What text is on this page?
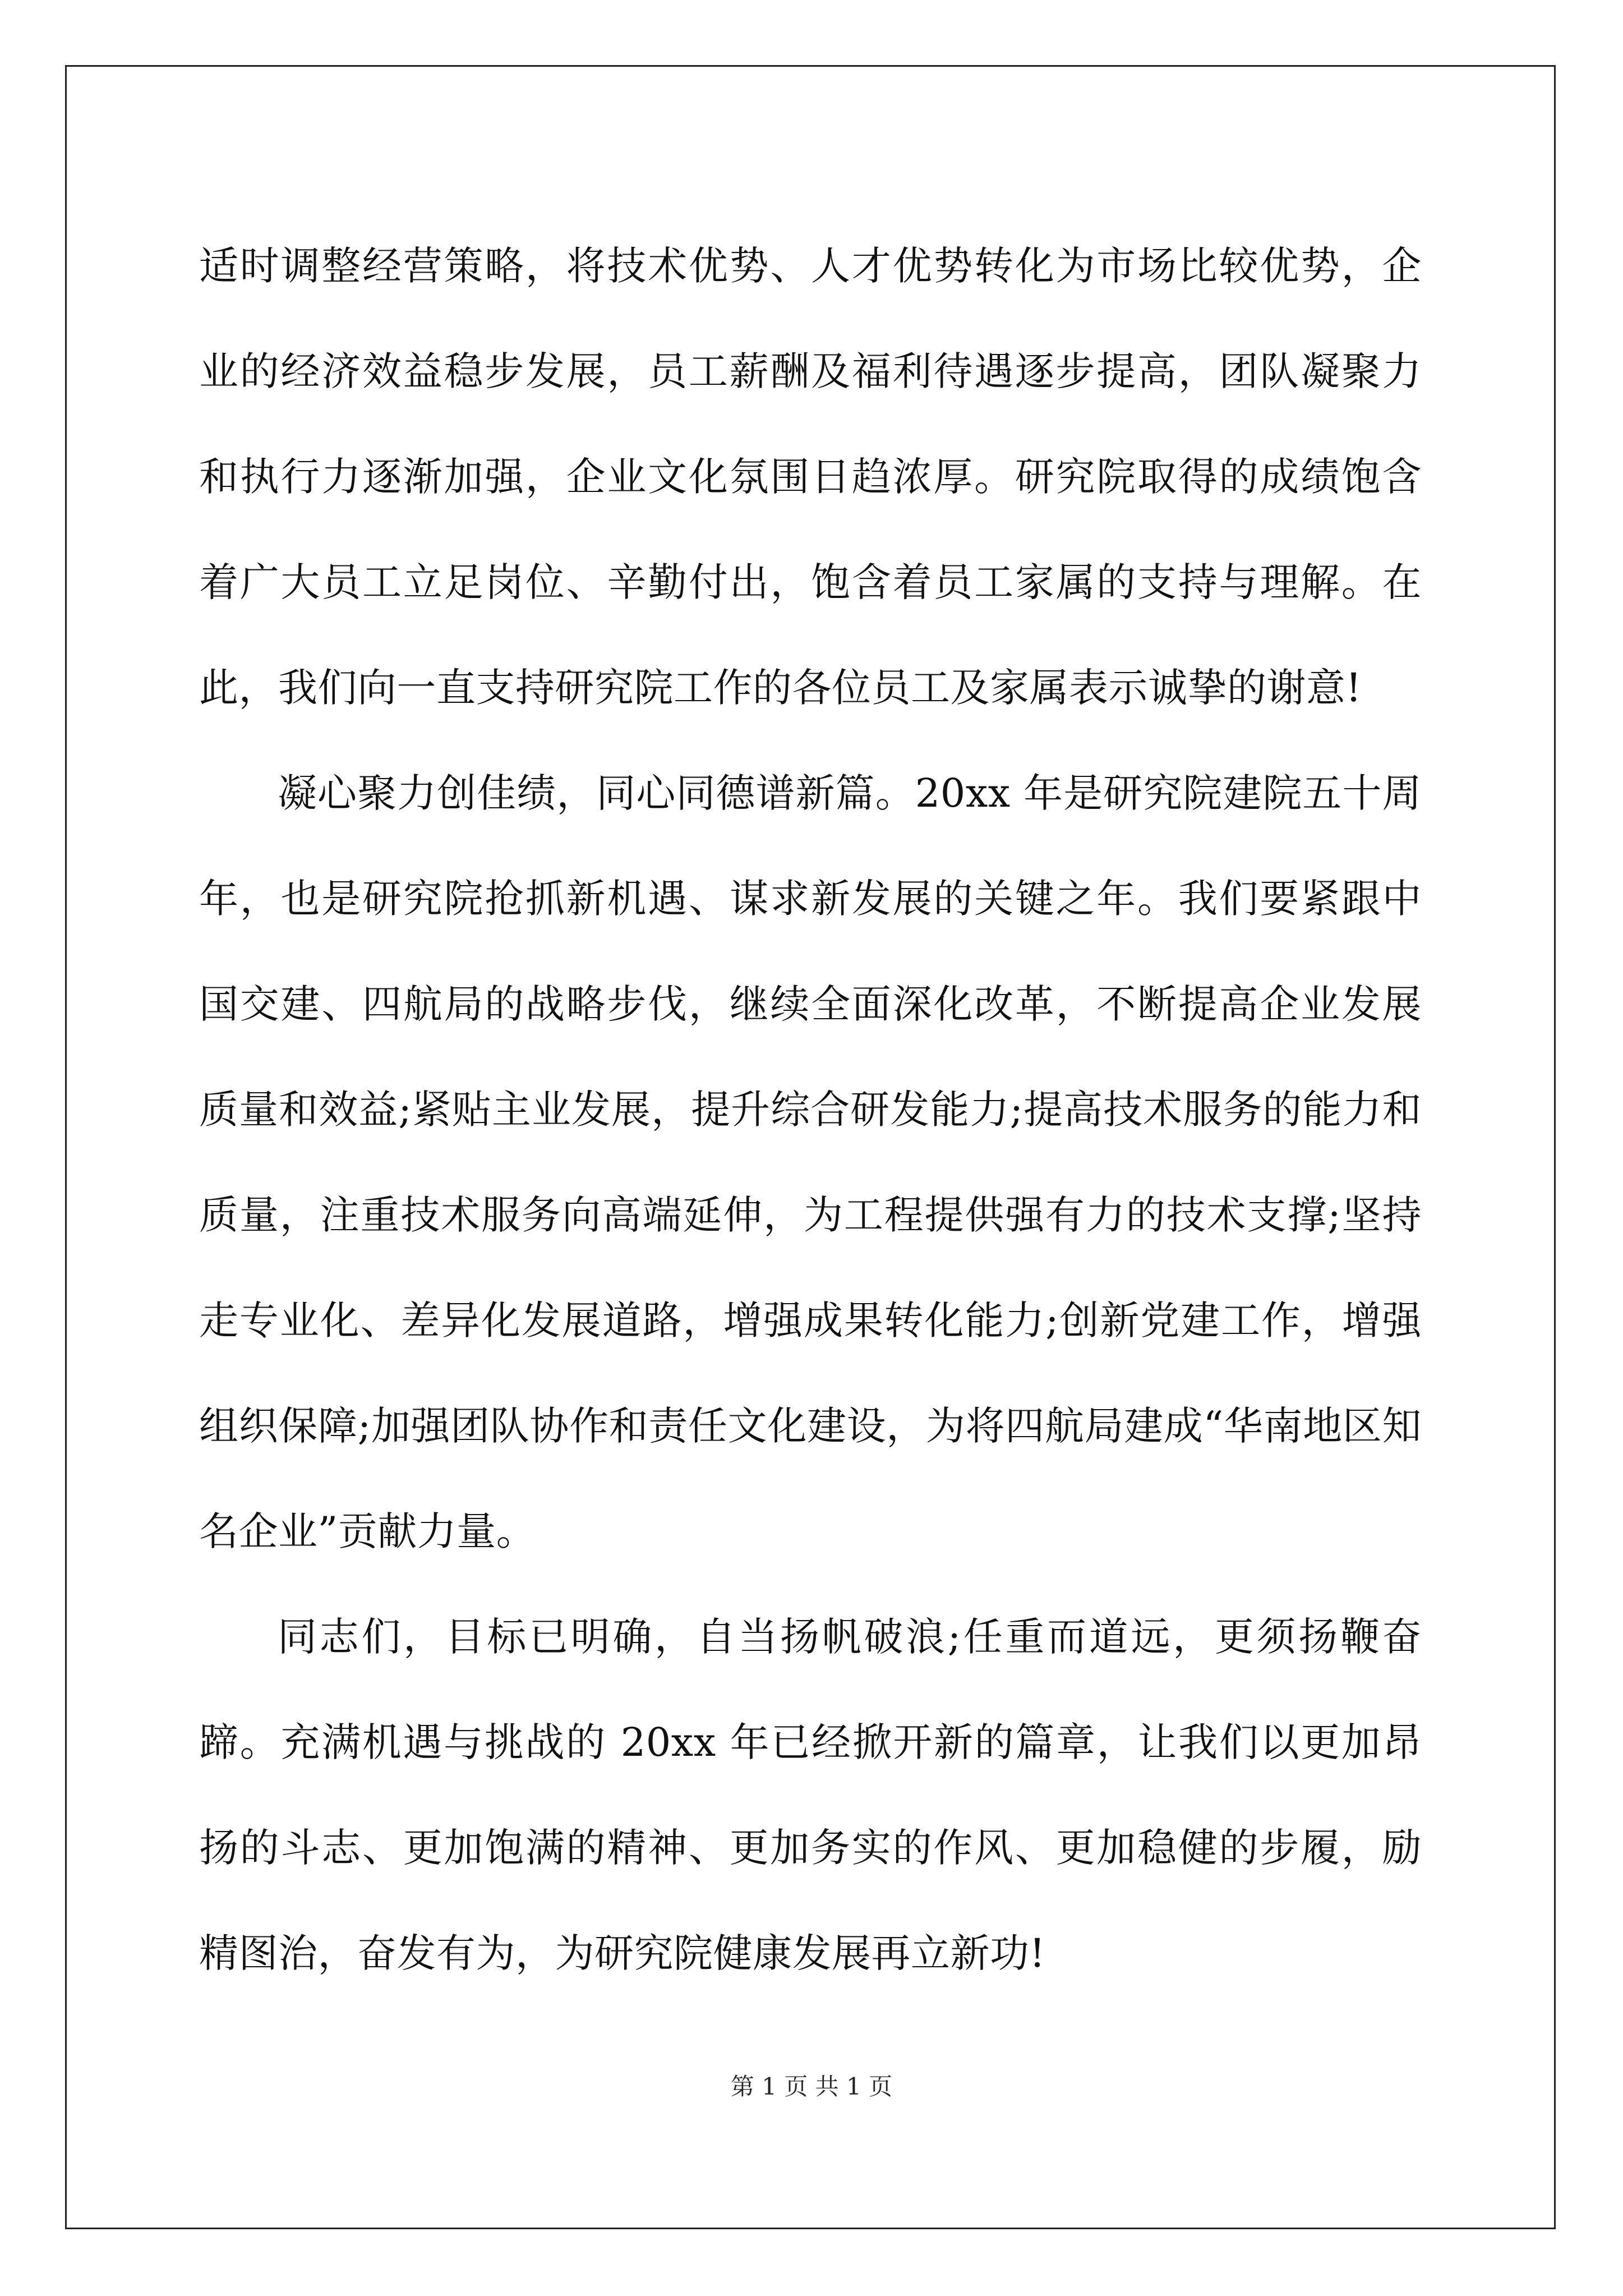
适时调整经营策略，将技术优势、人才优势转化为市场比较优势，企业的经济效益稳步发展，员工薪酬及福利待遇逐步提高，团队凝聚力和执行力逐渐加强，企业文化氛围日趋浓厚。研究院取得的成绩饱含着广大员工立足岗位、辛勤付出，饱含着员工家属的支持与理解。在此，我们向一直支持研究院工作的各位员工及家属表示诚挚的谢意!

凝心聚力创佳绩，同心同德谱新篇。20xx 年是研究院建院五十周年，也是研究院抢抓新机遇、谋求新发展的关键之年。我们要紧跟中国交建、四航局的战略步伐，继续全面深化改革，不断提高企业发展质量和效益;紧贴主业发展，提升综合研发能力;提高技术服务的能力和质量，注重技术服务向高端延伸，为工程提供强有力的技术支撑;坚持走专业化、差异化发展道路，增强成果转化能力;创新党建工作，增强组织保障;加强团队协作和责任文化建设，为将四航局建成“华南地区知名企业”贡献力量。

同志们，目标已明确，自当扬帆破浪;任重而道远，更须扬鞭奋蹄。充满机遇与挑战的 20xx 年已经掀开新的篇章，让我们以更加昂扬的斗志、更加饱满的精神、更加务实的作风、更加稳健的步履，励精图治，奋发有为，为研究院健康发展再立新功!

第 1 页 共 1 页
